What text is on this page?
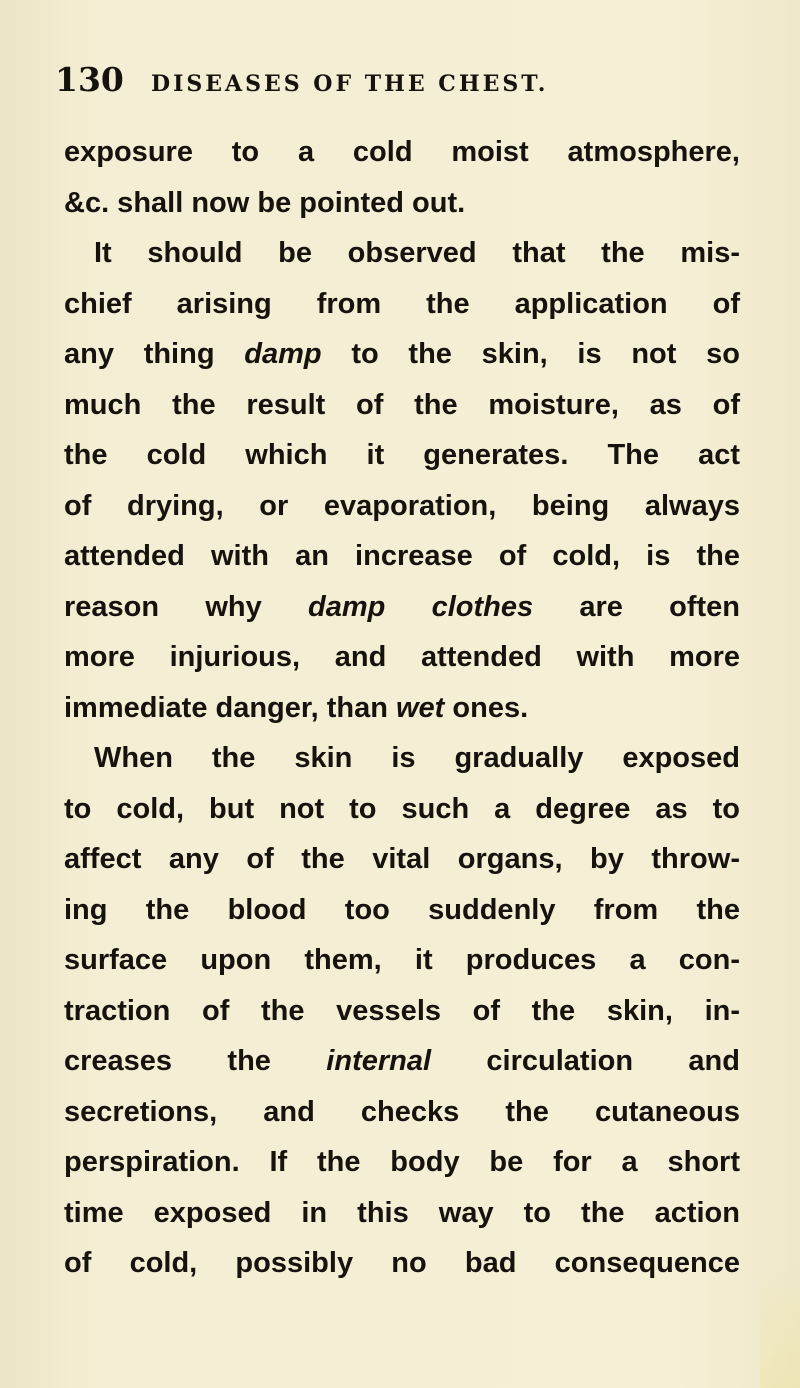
130 DISEASES OF THE CHEST.
exposure to a cold moist atmosphere,
&c. shall now be pointed out.
It should be observed that the mis-
chief arising from the application of
any thing damp to the skin, is not so
much the result of the moisture, as of
the cold which it generates. The act
of drying, or evaporation, being always
attended with an increase of cold, is the
reason why damp clothes are often
more injurious, and attended with more
immediate danger, than wet ones.
When the skin is gradually exposed
to cold, but not to such a degree as to
affect any of the vital organs, by throw-
ing the blood too suddenly from the
surface upon them, it produces a con-
traction of the vessels of the skin, in-
creases the internal circulation and
secretions, and checks the cutaneous
perspiration. If the body be for a short
time exposed in this way to the action
of cold, possibly no bad consequence
